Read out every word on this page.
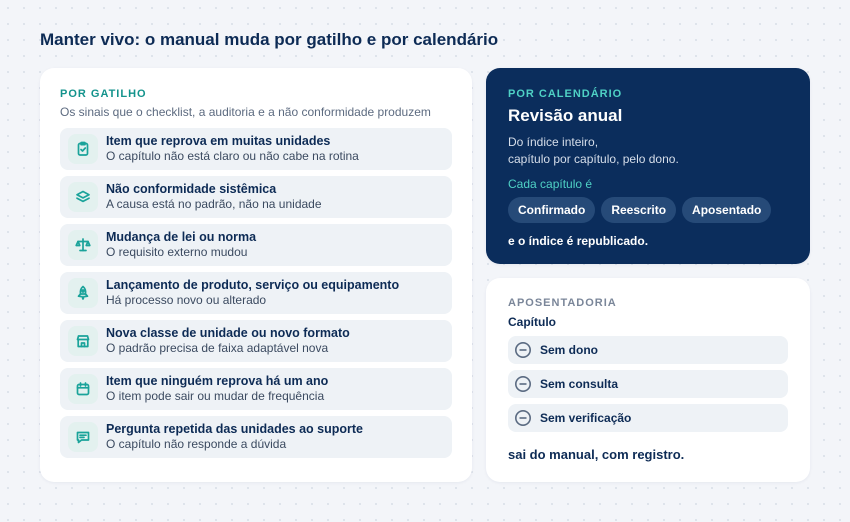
Manter vivo: o manual muda por gatilho e por calendário
POR GATILHO
Os sinais que o checklist, a auditoria e a não conformidade produzem
Item que reprova em muitas unidades
O capítulo não está claro ou não cabe na rotina
Não conformidade sistêmica
A causa está no padrão, não na unidade
Mudança de lei ou norma
O requisito externo mudou
Lançamento de produto, serviço ou equipamento
Há processo novo ou alterado
Nova classe de unidade ou novo formato
O padrão precisa de faixa adaptável nova
Item que ninguém reprova há um ano
O item pode sair ou mudar de frequência
Pergunta repetida das unidades ao suporte
O capítulo não responde a dúvida
POR CALENDÁRIO
Revisão anual
Do índice inteiro,
capítulo por capítulo, pelo dono.
Cada capítulo é
Confirmado	Reescrito	Aposentado
e o índice é republicado.
APOSENTADORIA
Capítulo
Sem dono
Sem consulta
Sem verificação
sai do manual, com registro.
